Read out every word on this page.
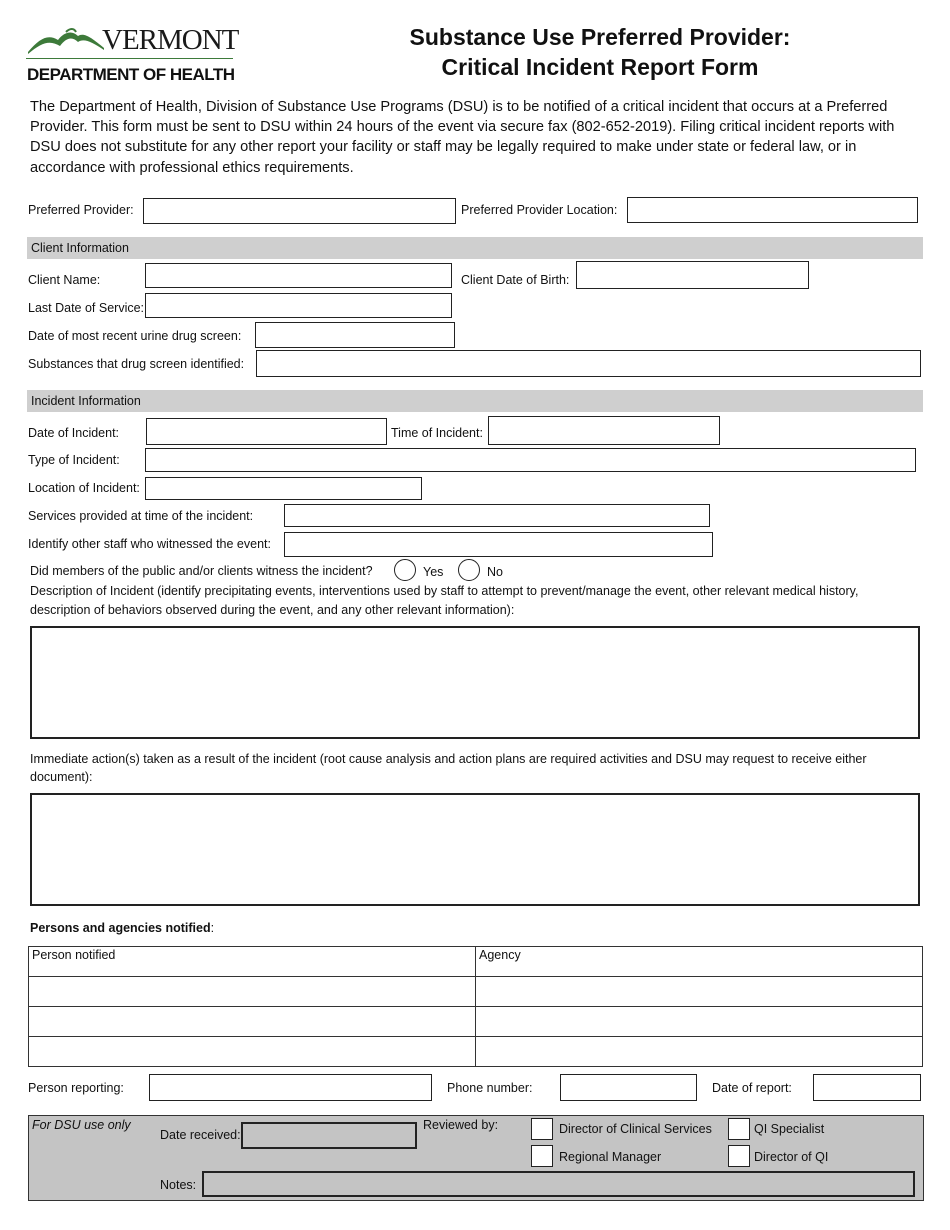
VERMONT
DEPARTMENT OF HEALTH
Substance Use Preferred Provider:
Critical Incident Report Form
The Department of Health, Division of Substance Use Programs (DSU) is to be notified of a critical incident that occurs at a Preferred Provider. This form must be sent to DSU within 24 hours of the event via secure fax (802-652-2019). Filing critical incident reports with DSU does not substitute for any other report your facility or staff may be legally required to make under state or federal law, or in accordance with professional ethics requirements.
Preferred Provider:	Preferred Provider Location:
Client Information
Client Name:	Client Date of Birth:
Last Date of Service:
Date of most recent urine drug screen:
Substances that drug screen identified:
Incident Information
Date of Incident:	Time of Incident:
Type of Incident:
Location of Incident:
Services provided at time of the incident:
Identify other staff who witnessed the event:
Did members of the public and/or clients witness the incident?	Yes	No
Description of Incident (identify precipitating events, interventions used by staff to attempt to prevent/manage the event, other relevant medical history, description of behaviors observed during the event, and any other relevant information):
Immediate action(s) taken as a result of the incident (root cause analysis and action plans are required activities and DSU may request to receive either document):
Persons and agencies notified:
Person notified	Agency

Person reporting:	Phone number:	Date of report:
For DSU use only
Date received:
Reviewed by:	Director of Clinical Services	QI Specialist
Regional Manager	Director of QI
Notes:
